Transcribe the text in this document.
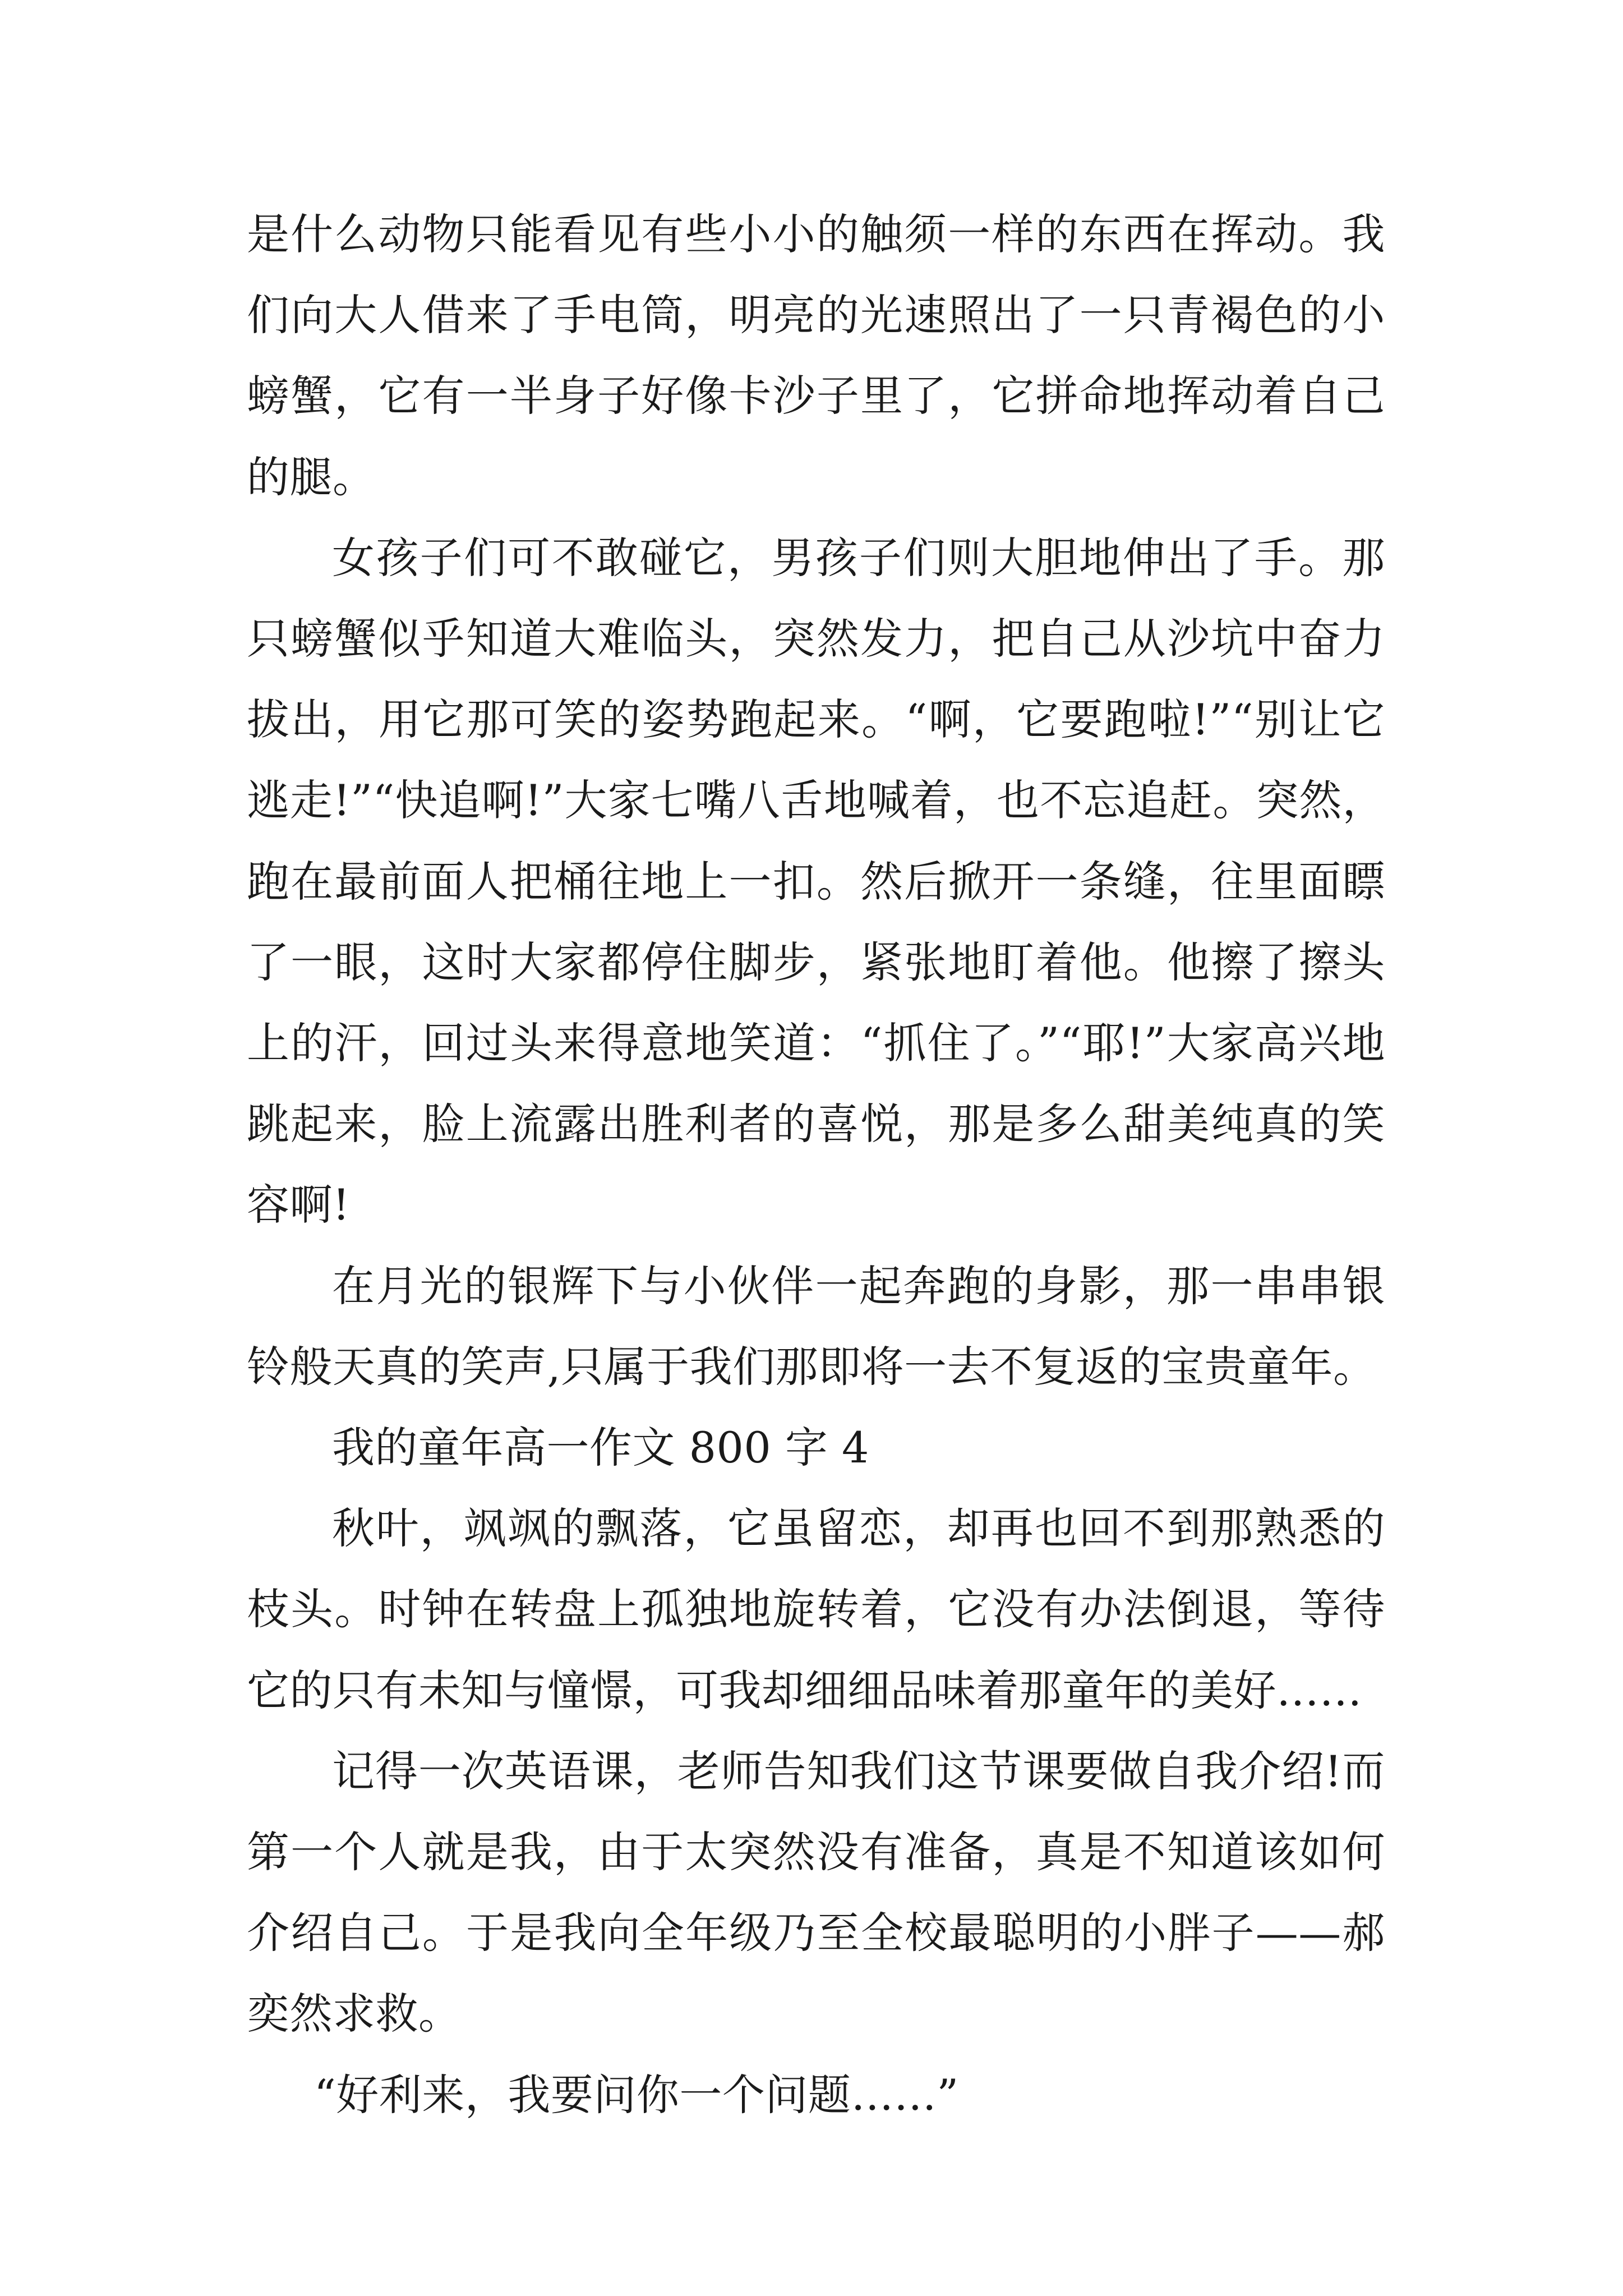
是什么动物只能看见有些小小的触须一样的东西在挥动。我们向大人借来了手电筒，明亮的光速照出了一只青褐色的小螃蟹，它有一半身子好像卡沙子里了，它拼命地挥动着自己的腿。

女孩子们可不敢碰它，男孩子们则大胆地伸出了手。那只螃蟹似乎知道大难临头，突然发力，把自己从沙坑中奋力拔出，用它那可笑的姿势跑起来。“啊，它要跑啦!”“别让它逃走!”“快追啊!”大家七嘴八舌地喊着，也不忘追赶。突然，跑在最前面人把桶往地上一扣。然后掀开一条缝，往里面瞟了一眼，这时大家都停住脚步，紧张地盯着他。他擦了擦头上的汗，回过头来得意地笑道：“抓住了。”“耶!”大家高兴地跳起来，脸上流露出胜利者的喜悦，那是多么甜美纯真的笑容啊!

在月光的银辉下与小伙伴一起奔跑的身影，那一串串银铃般天真的笑声,只属于我们那即将一去不复返的宝贵童年。

我的童年高一作文 800 字 4

秋叶，飒飒的飘落，它虽留恋，却再也回不到那熟悉的枝头。时钟在转盘上孤独地旋转着，它没有办法倒退，等待它的只有未知与憧憬，可我却细细品味着那童年的美好……

记得一次英语课，老师告知我们这节课要做自我介绍!而第一个人就是我，由于太突然没有准备，真是不知道该如何介绍自己。于是我向全年级乃至全校最聪明的小胖子——郝奕然求救。

“好利来，我要问你一个问题……”
